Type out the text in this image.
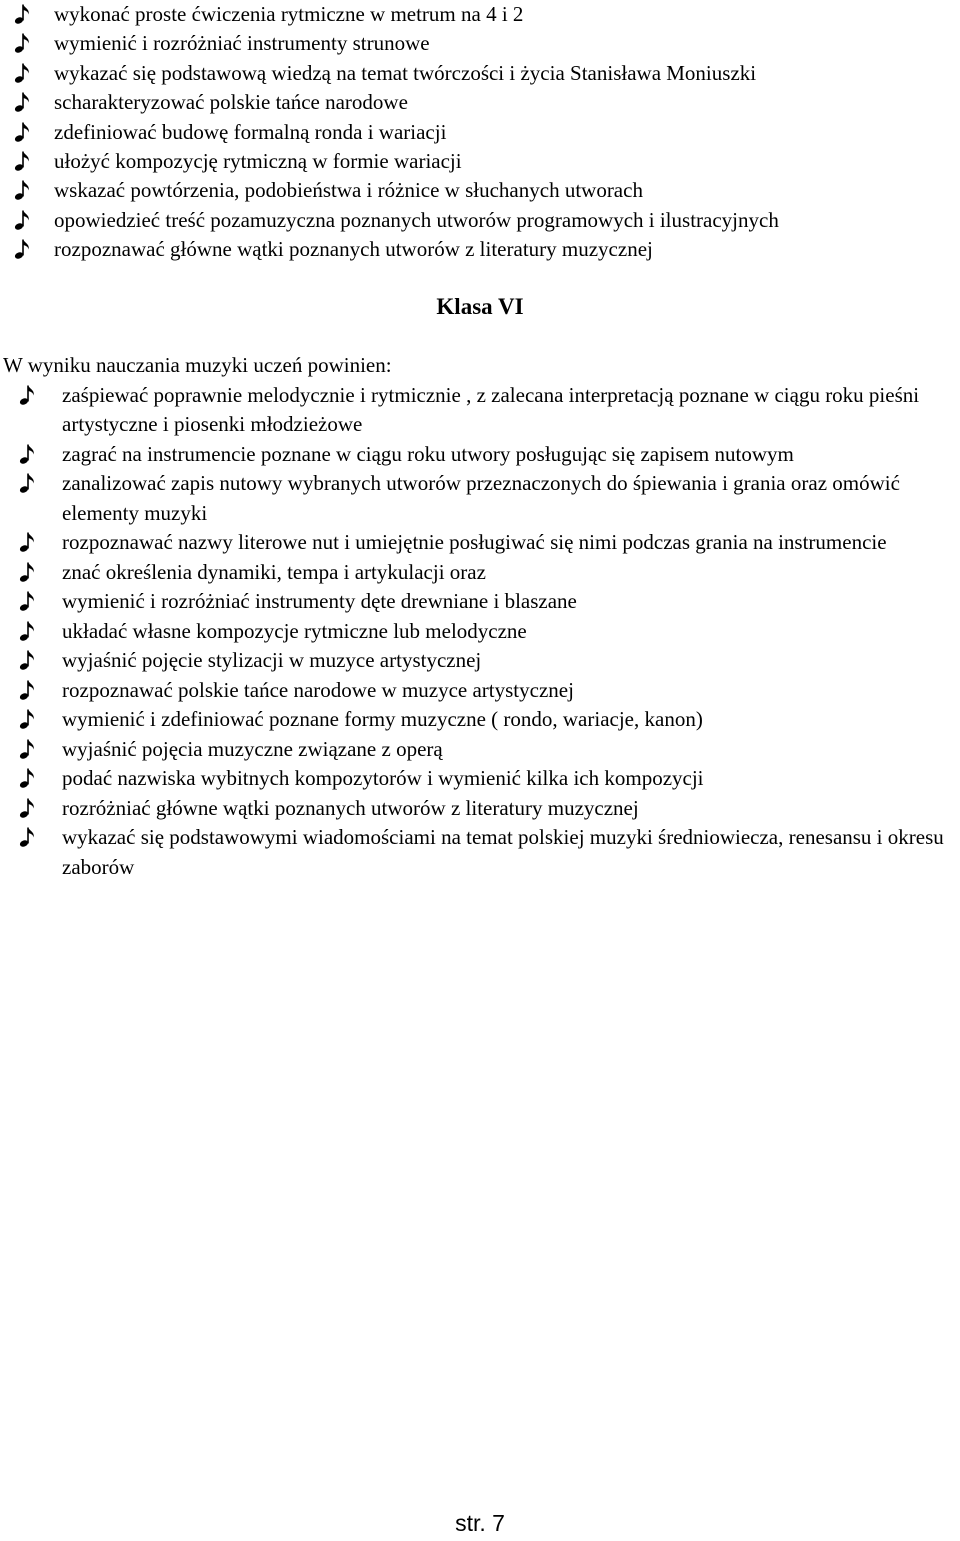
wykonać proste ćwiczenia rytmiczne w metrum na 4 i 2
wymienić i rozróżniać instrumenty strunowe
wykazać się podstawową wiedzą na temat twórczości i życia Stanisława Moniuszki
scharakteryzować polskie tańce narodowe
zdefiniować budowę formalną ronda i wariacji
ułożyć kompozycję rytmiczną w formie wariacji
wskazać powtórzenia, podobieństwa i różnice w słuchanych utworach
opowiedzieć treść pozamuzyczna poznanych utworów programowych i ilustracyjnych
rozpoznawać główne wątki poznanych utworów z literatury muzycznej
Klasa VI

W wyniku nauczania muzyki uczeń powinien:

zaśpiewać poprawnie melodycznie i rytmicznie , z zalecana interpretacją poznane w ciągu roku pieśni artystyczne i piosenki młodzieżowe
zagrać na instrumencie poznane w ciągu roku utwory posługując się zapisem nutowym
zanalizować zapis nutowy wybranych utworów przeznaczonych do śpiewania i grania oraz omówić elementy muzyki
rozpoznawać nazwy literowe nut i umiejętnie posługiwać się nimi podczas grania na instrumencie
znać określenia dynamiki, tempa i artykulacji oraz
wymienić i rozróżniać instrumenty dęte drewniane i blaszane
układać własne kompozycje rytmiczne lub melodyczne
wyjaśnić pojęcie stylizacji w muzyce artystycznej
rozpoznawać polskie tańce narodowe w muzyce artystycznej
wymienić i zdefiniować poznane formy muzyczne ( rondo, wariacje, kanon)
wyjaśnić pojęcia muzyczne związane z operą
podać nazwiska wybitnych kompozytorów i wymienić kilka ich kompozycji
rozróżniać główne wątki poznanych utworów z literatury muzycznej
wykazać się podstawowymi wiadomościami na temat polskiej muzyki średniowiecza, renesansu i okresu zaborów

str. 7
